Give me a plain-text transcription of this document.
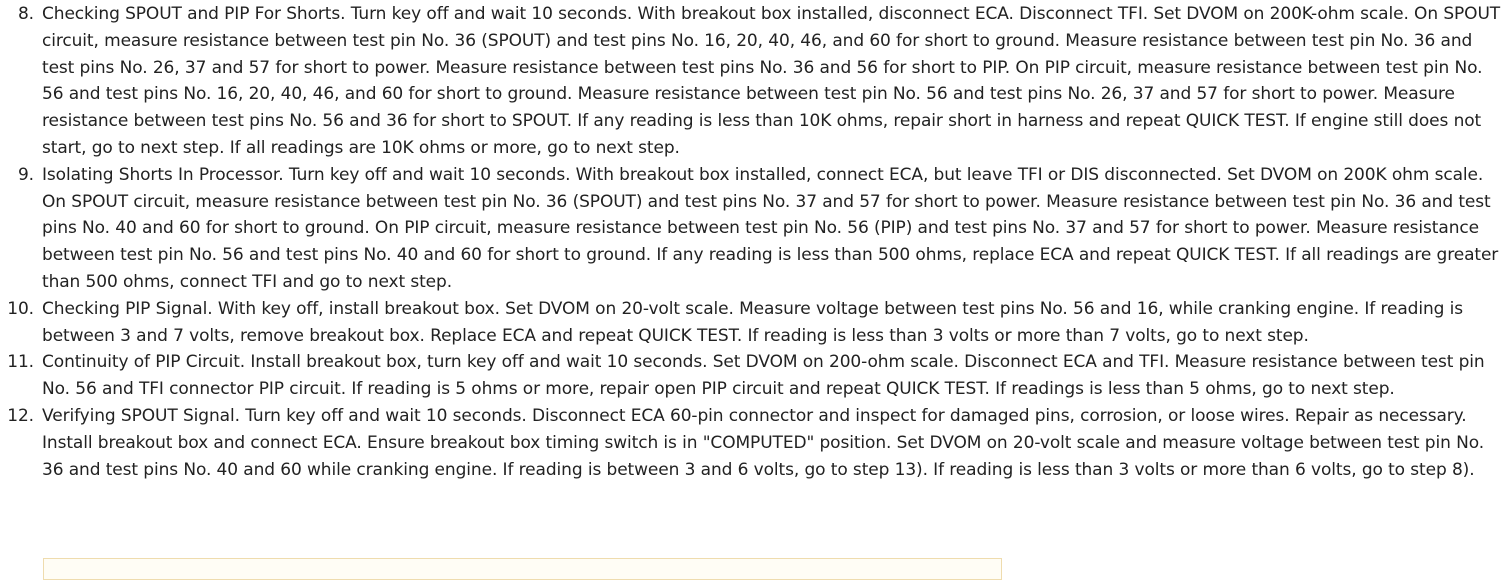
8. Checking SPOUT and PIP For Shorts. Turn key off and wait 10 seconds. With breakout box installed, disconnect ECA. Disconnect TFI. Set DVOM on 200K-ohm scale. On SPOUT circuit, measure resistance between test pin No. 36 (SPOUT) and test pins No. 16, 20, 40, 46, and 60 for short to ground. Measure resistance between test pin No. 36 and test pins No. 26, 37 and 57 for short to power. Measure resistance between test pins No. 36 and 56 for short to PIP. On PIP circuit, measure resistance between test pin No. 56 and test pins No. 16, 20, 40, 46, and 60 for short to ground. Measure resistance between test pin No. 56 and test pins No. 26, 37 and 57 for short to power. Measure resistance between test pins No. 56 and 36 for short to SPOUT. If any reading is less than 10K ohms, repair short in harness and repeat QUICK TEST. If engine still does not start, go to next step. If all readings are 10K ohms or more, go to next step.
9. Isolating Shorts In Processor. Turn key off and wait 10 seconds. With breakout box installed, connect ECA, but leave TFI or DIS disconnected. Set DVOM on 200K ohm scale. On SPOUT circuit, measure resistance between test pin No. 36 (SPOUT) and test pins No. 37 and 57 for short to power. Measure resistance between test pin No. 36 and test pins No. 40 and 60 for short to ground. On PIP circuit, measure resistance between test pin No. 56 (PIP) and test pins No. 37 and 57 for short to power. Measure resistance between test pin No. 56 and test pins No. 40 and 60 for short to ground. If any reading is less than 500 ohms, replace ECA and repeat QUICK TEST. If all readings are greater than 500 ohms, connect TFI and go to next step.
10. Checking PIP Signal. With key off, install breakout box. Set DVOM on 20-volt scale. Measure voltage between test pins No. 56 and 16, while cranking engine. If reading is between 3 and 7 volts, remove breakout box. Replace ECA and repeat QUICK TEST. If reading is less than 3 volts or more than 7 volts, go to next step.
11. Continuity of PIP Circuit. Install breakout box, turn key off and wait 10 seconds. Set DVOM on 200-ohm scale. Disconnect ECA and TFI. Measure resistance between test pin No. 56 and TFI connector PIP circuit. If reading is 5 ohms or more, repair open PIP circuit and repeat QUICK TEST. If readings is less than 5 ohms, go to next step.
12. Verifying SPOUT Signal. Turn key off and wait 10 seconds. Disconnect ECA 60-pin connector and inspect for damaged pins, corrosion, or loose wires. Repair as necessary. Install breakout box and connect ECA. Ensure breakout box timing switch is in "COMPUTED" position. Set DVOM on 20-volt scale and measure voltage between test pin No. 36 and test pins No. 40 and 60 while cranking engine. If reading is between 3 and 6 volts, go to step 13). If reading is less than 3 volts or more than 6 volts, go to step 8).
